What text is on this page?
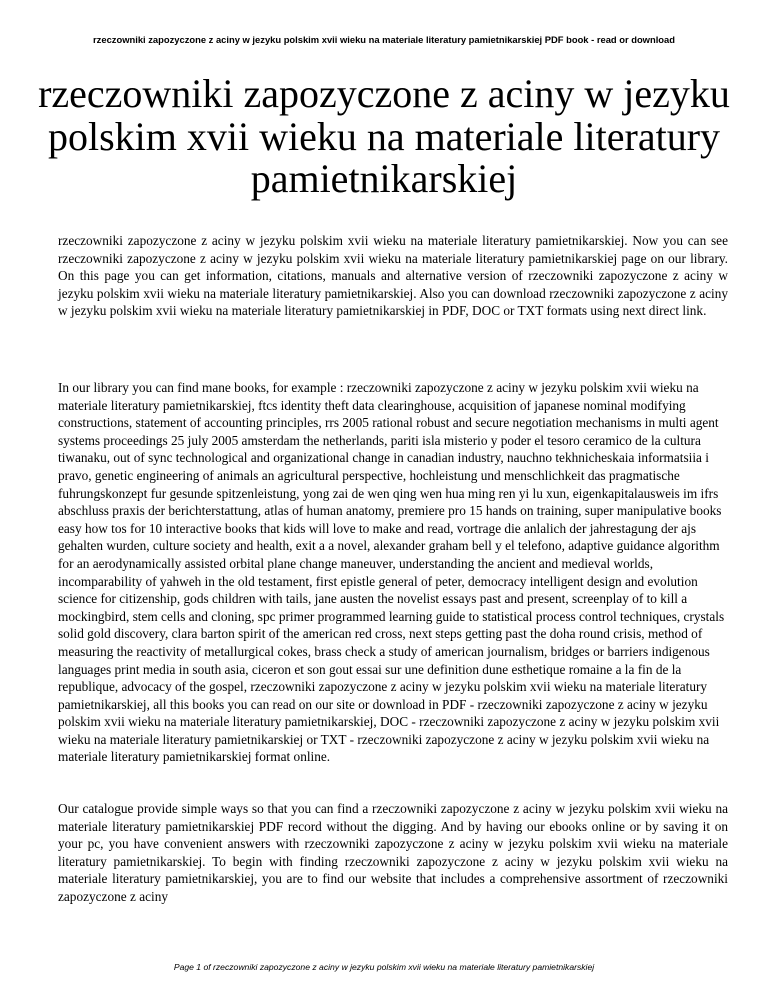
rzeczowniki zapozyczone z aciny w jezyku polskim xvii wieku na materiale literatury pamietnikarskiej PDF book - read or download
rzeczowniki zapozyczone z aciny w jezyku polskim xvii wieku na materiale literatury pamietnikarskiej

rzeczowniki zapozyczone z aciny w jezyku polskim xvii wieku na materiale literatury pamietnikarskiej. Now you can see rzeczowniki zapozyczone z aciny w jezyku polskim xvii wieku na materiale literatury pamietnikarskiej page on our library. On this page you can get information, citations, manuals and alternative version of rzeczowniki zapozyczone z aciny w jezyku polskim xvii wieku na materiale literatury pamietnikarskiej. Also you can download rzeczowniki zapozyczone z aciny w jezyku polskim xvii wieku na materiale literatury pamietnikarskiej in PDF, DOC or TXT formats using next direct link.

In our library you can find mane books, for example : rzeczowniki zapozyczone z aciny w jezyku polskim xvii wieku na materiale literatury pamietnikarskiej, ftcs identity theft data clearinghouse, acquisition of japanese nominal modifying constructions, statement of accounting principles, rrs 2005 rational robust and secure negotiation mechanisms in multi agent systems proceedings 25 july 2005 amsterdam the netherlands, pariti isla misterio y poder el tesoro ceramico de la cultura tiwanaku, out of sync technological and organizational change in canadian industry, nauchno tekhnicheskaia informatsiia i pravo, genetic engineering of animals an agricultural perspective, hochleistung und menschlichkeit das pragmatische fuhrungskonzept fur gesunde spitzenleistung, yong zai de wen qing wen hua ming ren yi lu xun, eigenkapitalausweis im ifrs abschluss praxis der berichterstattung, atlas of human anatomy, premiere pro 15 hands on training, super manipulative books easy how tos for 10 interactive books that kids will love to make and read, vortrage die anlalich der jahrestagung der ajs gehalten wurden, culture society and health, exit a a novel, alexander graham bell y el telefono, adaptive guidance algorithm for an aerodynamically assisted orbital plane change maneuver, understanding the ancient and medieval worlds, incomparability of yahweh in the old testament, first epistle general of peter, democracy intelligent design and evolution science for citizenship, gods children with tails, jane austen the novelist essays past and present, screenplay of to kill a mockingbird, stem cells and cloning, spc primer programmed learning guide to statistical process control techniques, crystals solid gold discovery, clara barton spirit of the american red cross, next steps getting past the doha round crisis, method of measuring the reactivity of metallurgical cokes, brass check a study of american journalism, bridges or barriers indigenous languages print media in south asia, ciceron et son gout essai sur une definition dune esthetique romaine a la fin de la republique, advocacy of the gospel, rzeczowniki zapozyczone z aciny w jezyku polskim xvii wieku na materiale literatury pamietnikarskiej, all this books you can read on our site or download in PDF - rzeczowniki zapozyczone z aciny w jezyku polskim xvii wieku na materiale literatury pamietnikarskiej, DOC - rzeczowniki zapozyczone z aciny w jezyku polskim xvii wieku na materiale literatury pamietnikarskiej or TXT - rzeczowniki zapozyczone z aciny w jezyku polskim xvii wieku na materiale literatury pamietnikarskiej format online.

Our catalogue provide simple ways so that you can find a rzeczowniki zapozyczone z aciny w jezyku polskim xvii wieku na materiale literatury pamietnikarskiej PDF record without the digging. And by having our ebooks online or by saving it on your pc, you have convenient answers with rzeczowniki zapozyczone z aciny w jezyku polskim xvii wieku na materiale literatury pamietnikarskiej. To begin with finding rzeczowniki zapozyczone z aciny w jezyku polskim xvii wieku na materiale literatury pamietnikarskiej, you are to find our website that includes a comprehensive assortment of rzeczowniki zapozyczone z aciny

Page 1 of rzeczowniki zapozyczone z aciny w jezyku polskim xvii wieku na materiale literatury pamietnikarskiej
